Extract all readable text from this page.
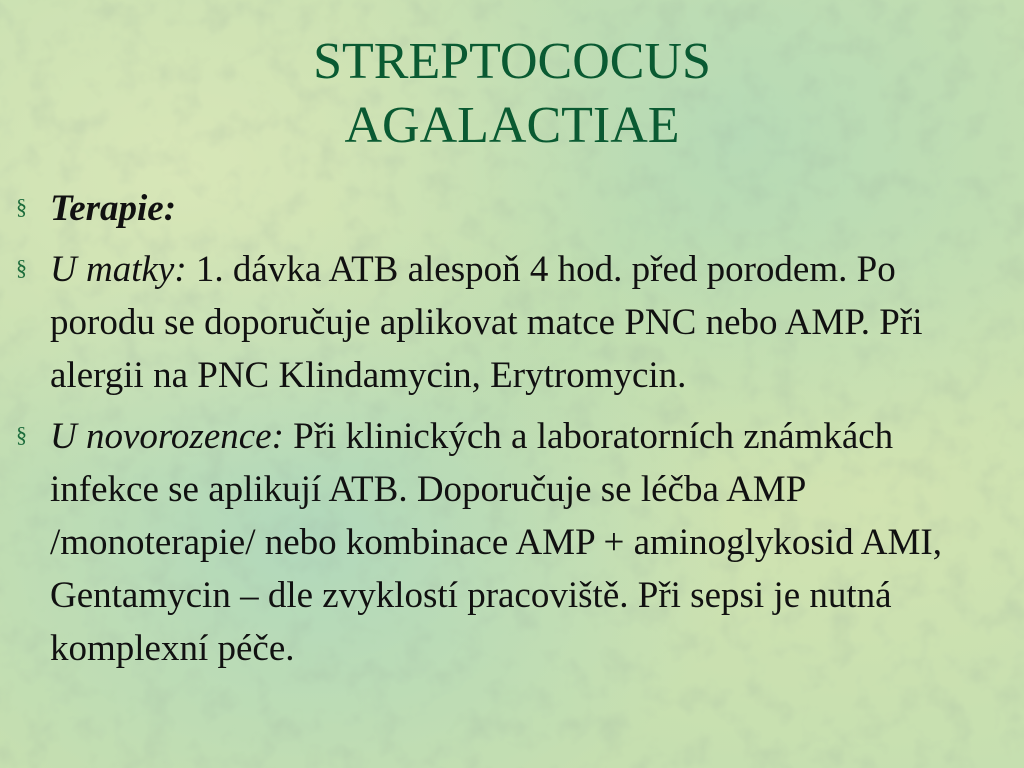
STREPTOCOCUS
AGALACTIAE
§ Terapie:
§ U matky: 1. dávka ATB alespoň 4 hod. před porodem. Po porodu se doporučuje aplikovat matce PNC nebo AMP. Při alergii na PNC Klindamycin, Erytromycin.
§ U novorozence: Při klinických a laboratorních známkách infekce se aplikují ATB. Doporučuje se léčba AMP /monoterapie/ nebo kombinace AMP + aminoglykosid AMI, Gentamycin – dle zvyklostí pracoviště. Při sepsi je nutná komplexní péče.
